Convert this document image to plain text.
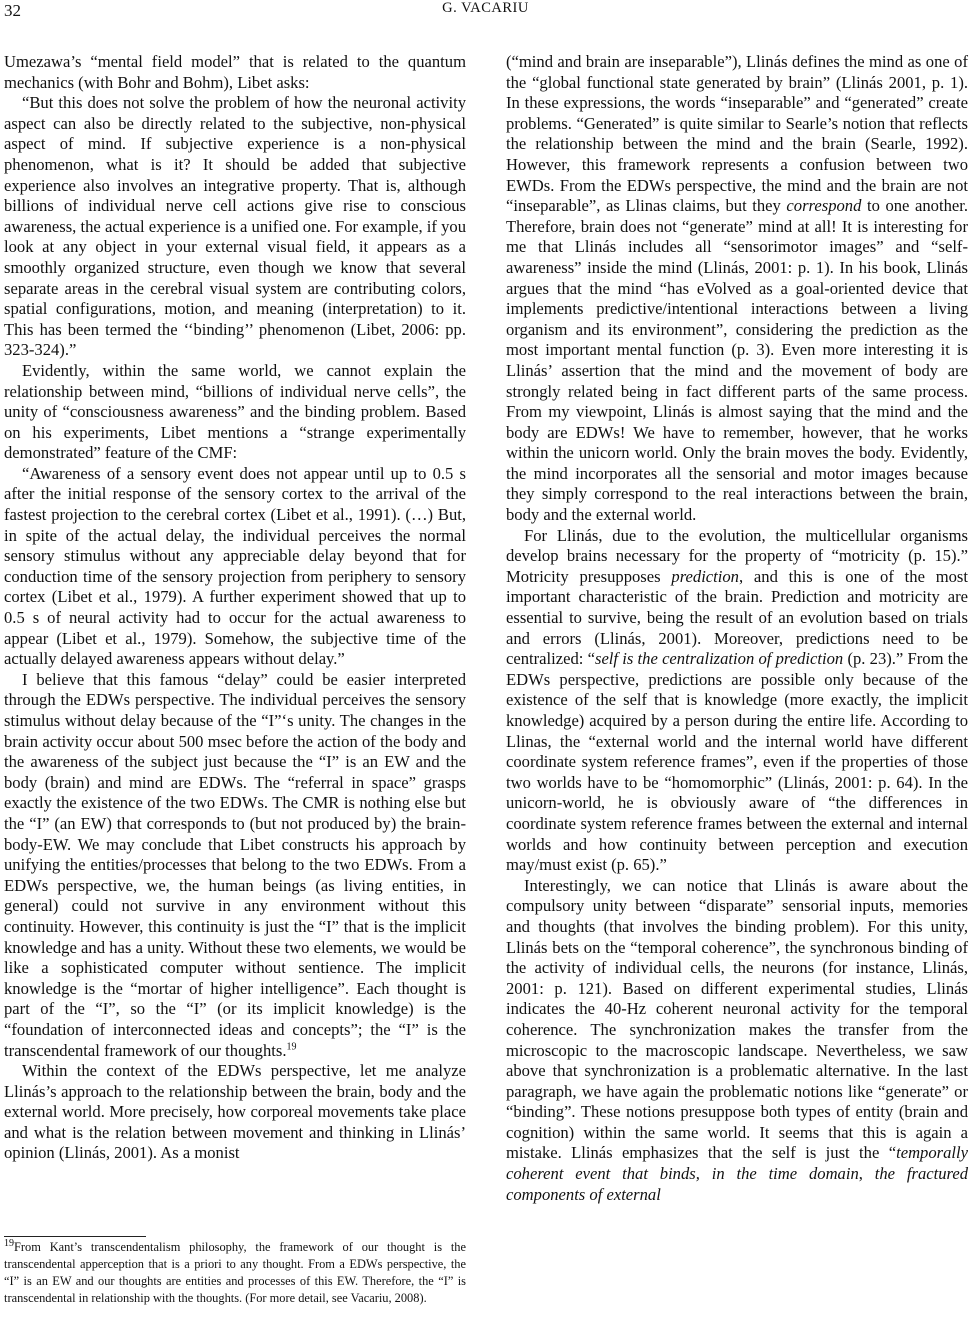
32	G. VACARIU

Umezawa’s “mental field model” that is related to the quantum mechanics (with Bohr and Bohm), Libet asks:

“But this does not solve the problem of how the neuronal activity aspect can also be directly related to the subjective, non-physical aspect of mind. If subjective experience is a non-physical phenomenon, what is it? It should be added that subjective experience also involves an integrative property. That is, although billions of individual nerve cell actions give rise to conscious awareness, the actual experience is a unified one. For example, if you look at any object in your external visual field, it appears as a smoothly organized structure, even though we know that several separate areas in the cerebral visual system are contributing colors, spatial configurations, motion, and meaning (interpretation) to it. This has been termed the ‘‘binding’’ phenomenon (Libet, 2006: pp. 323-324).”

Evidently, within the same world, we cannot explain the relationship between mind, “billions of individual nerve cells”, the unity of “consciousness awareness” and the binding problem. Based on his experiments, Libet mentions a “strange experimentally demonstrated” feature of the CMF:

“Awareness of a sensory event does not appear until up to 0.5 s after the initial response of the sensory cortex to the arrival of the fastest projection to the cerebral cortex (Libet et al., 1991). (…) But, in spite of the actual delay, the individual perceives the normal sensory stimulus without any appreciable delay beyond that for conduction time of the sensory projection from periphery to sensory cortex (Libet et al., 1979). A further experiment showed that up to 0.5 s of neural activity had to occur for the actual awareness to appear (Libet et al., 1979). Somehow, the subjective time of the actually delayed awareness appears without delay.”

I believe that this famous “delay” could be easier interpreted through the EDWs perspective. The individual perceives the sensory stimulus without delay because of the “I”‘s unity. The changes in the brain activity occur about 500 msec before the action of the body and the awareness of the subject just because the “I” is an EW and the body (brain) and mind are EDWs. The “referral in space” grasps exactly the existence of the two EDWs. The CMR is nothing else but the “I” (an EW) that corresponds to (but not produced by) the brain-body-EW. We may conclude that Libet constructs his approach by unifying the entities/processes that belong to the two EDWs. From a EDWs perspective, we, the human beings (as living entities, in general) could not survive in any environment without this continuity. However, this continuity is just the “I” that is the implicit knowledge and has a unity. Without these two elements, we would be like a sophisticated computer without sentience. The implicit knowledge is the “mortar of higher intelligence”. Each thought is part of the “I”, so the “I” (or its implicit knowledge) is the “foundation of interconnected ideas and concepts”; the “I” is the transcendental framework of our thoughts.$^{19}$

Within the context of the EDWs perspective, let me analyze Llinás’s approach to the relationship between the brain, body and the external world. More precisely, how corporeal movements take place and what is the relation between movement and thinking in Llinás’ opinion (Llinás, 2001). As a monist

$^{19}$From Kant’s transcendentalism philosophy, the framework of our thought is the transcendental apperception that is a priori to any thought. From a EDWs perspective, the “I” is an EW and our thoughts are entities and processes of this EW. Therefore, the “I” is transcendental in relationship with the thoughts. (For more detail, see Vacariu, 2008).

(“mind and brain are inseparable”), Llinás defines the mind as one of the “global functional state generated by brain” (Llinás 2001, p. 1). In these expressions, the words “inseparable” and “generated” create problems. “Generated” is quite similar to Searle’s notion that reflects the relationship between the mind and the brain (Searle, 1992). However, this framework represents a confusion between two EWDs. From the EDWs perspective, the mind and the brain are not “inseparable”, as Llinas claims, but they correspond to one another. Therefore, brain does not “generate” mind at all! It is interesting for me that Llinás includes all “sensorimotor images” and “self-awareness” inside the mind (Llinás, 2001: p. 1). In his book, Llinás argues that the mind “has eVolved as a goal-oriented device that implements predictive/intentional interactions between a living organism and its environment”, considering the prediction as the most important mental function (p. 3). Even more interesting it is Llinás’ assertion that the mind and the movement of body are strongly related being in fact different parts of the same process. From my viewpoint, Llinás is almost saying that the mind and the body are EDWs! We have to remember, however, that he works within the unicorn world. Only the brain moves the body. Evidently, the mind incorporates all the sensorial and motor images because they simply correspond to the real interactions between the brain, body and the external world.

For Llinás, due to the evolution, the multicellular organisms develop brains necessary for the property of “motricity (p. 15).” Motricity presupposes prediction, and this is one of the most important characteristic of the brain. Prediction and motricity are essential to survive, being the result of an evolution based on trials and errors (Llinás, 2001). Moreover, predictions need to be centralized: “self is the centralization of prediction (p. 23).” From the EDWs perspective, predictions are possible only because of the existence of the self that is knowledge (more exactly, the implicit knowledge) acquired by a person during the entire life. According to Llinas, the “external world and the internal world have different coordinate system reference frames”, even if the properties of those two worlds have to be “homomorphic” (Llinás, 2001: p. 64). In the unicorn-world, he is obviously aware of “the differences in coordinate system reference frames between the external and internal worlds and how continuity between perception and execution may/must exist (p. 65).”

Interestingly, we can notice that Llinás is aware about the compulsory unity between “disparate” sensorial inputs, memories and thoughts (that involves the binding problem). For this unity, Llinás bets on the “temporal coherence”, the synchronous binding of the activity of individual cells, the neurons (for instance, Llinás, 2001: p. 121). Based on different experimental studies, Llinás indicates the 40-Hz coherent neuronal activity for the temporal coherence. The synchronization makes the transfer from the microscopic to the macroscopic landscape. Nevertheless, we saw above that synchronization is a problematic alternative. In the last paragraph, we have again the problematic notions like “generate” or “binding”. These notions presuppose both types of entity (brain and cognition) within the same world. It seems that this is again a mistake. Llinás emphasizes that the self is just the “temporally coherent event that binds, in the time domain, the fractured components of external
